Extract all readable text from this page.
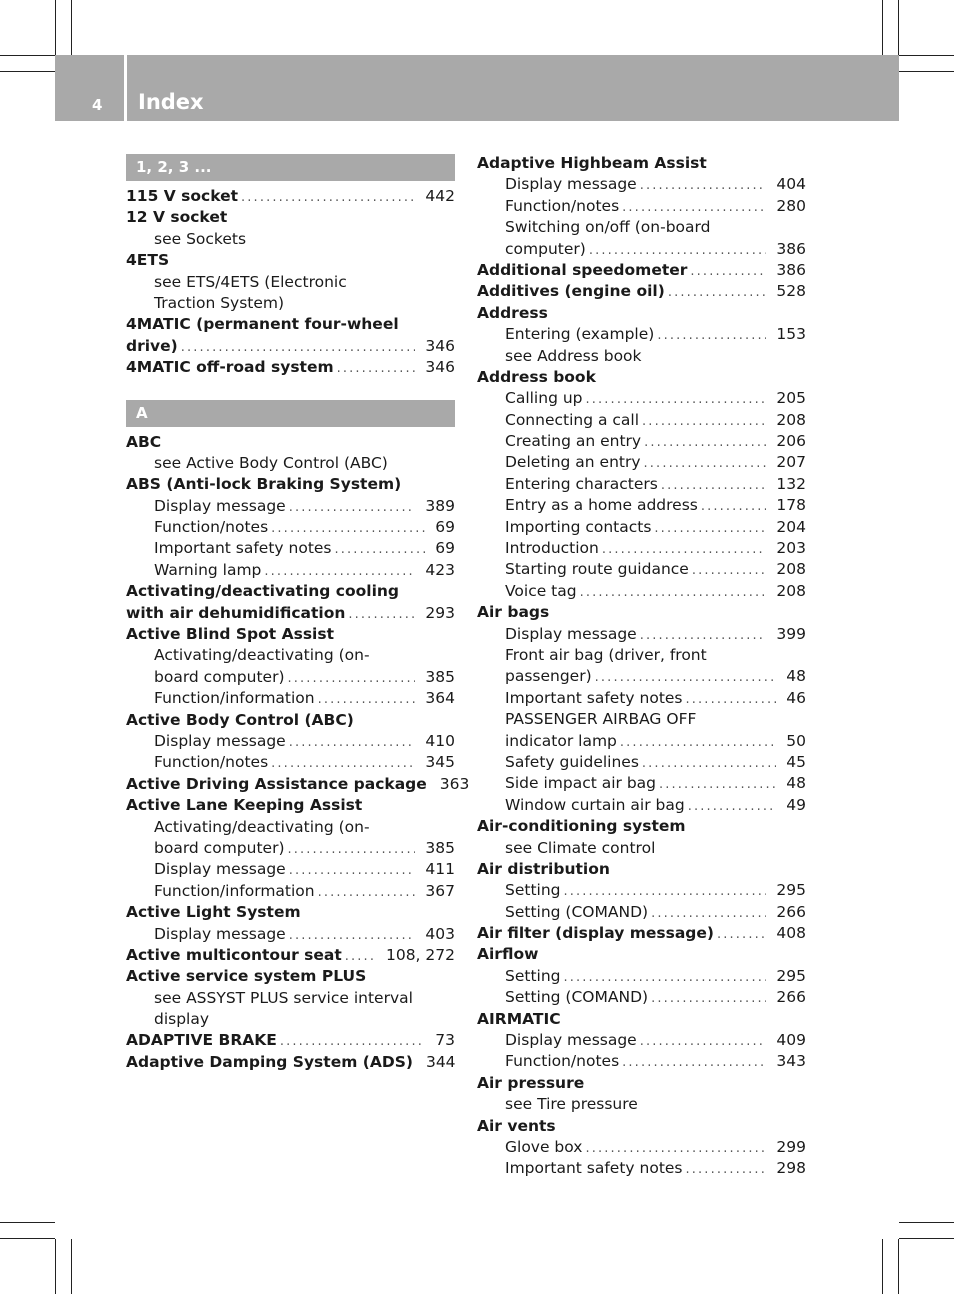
4 Index
1, 2, 3 ...
115 V socket . . .	442
12 V socket
see Sockets
4ETS
see ETS/4ETS (Electronic
Traction System)
4MATIC (permanent four-wheel
drive) . . .	346
4MATIC off-road system . . .	346
A
ABC
see Active Body Control (ABC)
ABS (Anti-lock Braking System)
Display message . . .	389
Function/notes . . .	69
Important safety notes . . .	69
Warning lamp . . .	423
Activating/deactivating cooling
with air dehumidification . . .	293
Active Blind Spot Assist
Activating/deactivating (on-
board computer) . . .	385
Function/information . . .	364
Active Body Control (ABC)
Display message . . .	410
Function/notes . . .	345
Active Driving Assistance package 363
Active Lane Keeping Assist
Activating/deactivating (on-
board computer) . . .	385
Display message . . .	411
Function/information . . .	367
Active Light System
Display message . . .	403
Active multicontour seat . . .	108, 272
Active service system PLUS
see ASSYST PLUS service interval
display
ADAPTIVE BRAKE . . .	73
Adaptive Damping System (ADS) 344
Adaptive Highbeam Assist
Display message . . .	404
Function/notes . . .	280
Switching on/off (on-board
computer) . . .	386
Additional speedometer . . .	386
Additives (engine oil) . . .	528
Address
Entering (example) . . .	153
see Address book
Address book
Calling up . . .	205
Connecting a call . . .	208
Creating an entry . . .	206
Deleting an entry . . .	207
Entering characters . . .	132
Entry as a home address . . .	178
Importing contacts . . .	204
Introduction . . .	203
Starting route guidance . . .	208
Voice tag . . .	208
Air bags
Display message . . .	399
Front air bag (driver, front
passenger) . . .	48
Important safety notes . . .	46
PASSENGER AIRBAG OFF
indicator lamp . . .	50
Safety guidelines . . .	45
Side impact air bag . . .	48
Window curtain air bag . . .	49
Air-conditioning system
see Climate control
Air distribution
Setting . . .	295
Setting (COMAND) . . .	266
Air filter (display message) . . .	408
Airflow
Setting . . .	295
Setting (COMAND) . . .	266
AIRMATIC
Display message . . .	409
Function/notes . . .	343
Air pressure
see Tire pressure
Air vents
Glove box . . .	299
Important safety notes . . .	298
